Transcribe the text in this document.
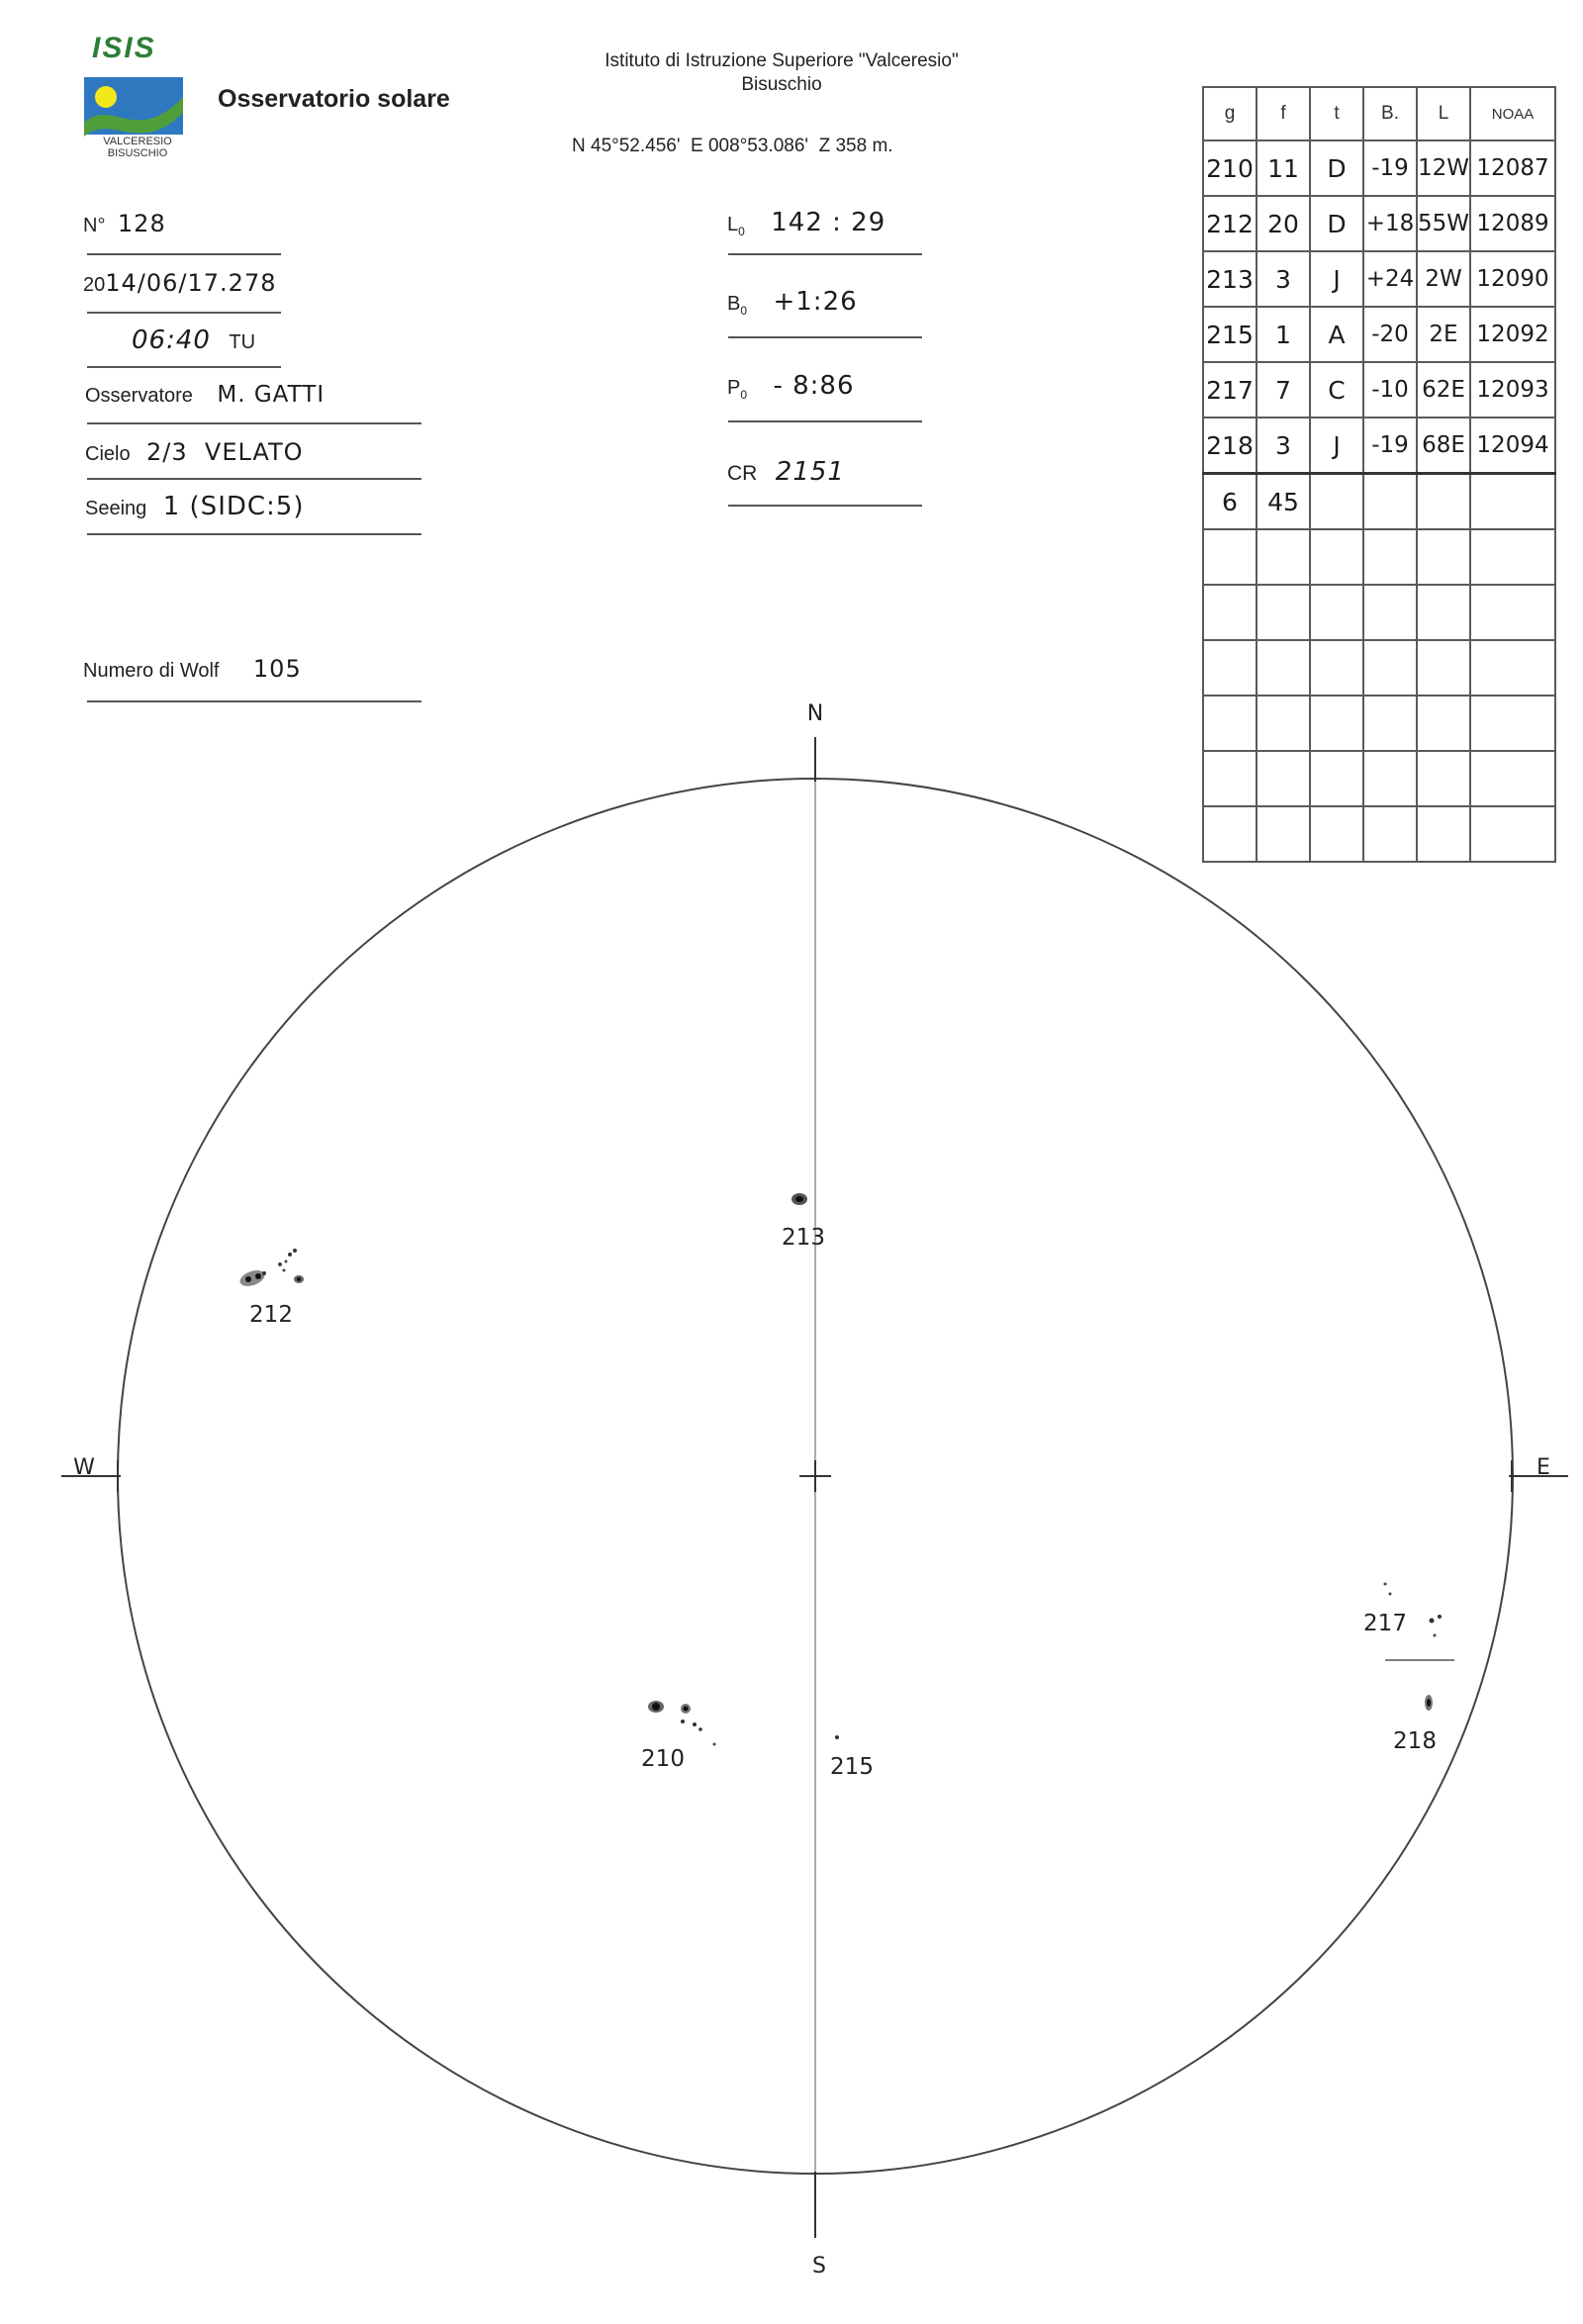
ISIS
VALCERESIO
BISUSCHIO
Osservatorio solare
Istituto di Istruzione Superiore "Valceresio"
Bisuschio
N 45°52.456'  E 008°53.086'  Z 358 m.
N° 128
2014/06/17.278
06:40 TU
Osservatore M. GATTI
Cielo 2/3  VELATO
Seeing 1 (SIDC:5)
Numero di Wolf 105
$L_0$ 142 : 29
$B_0$ +1:26
$P_0$ - 8:86
CR 2151
g	f	t	B.	L	NOAA
210	11	D	-19	12W	12087
212	20	D	+18	55W	12089
213	3	J	+24	2W	12090
215	1	A	-20	2E	12092
217	7	C	-10	62E	12093
218	3	J	-19	68E	12094
6	45				

N
S
W	E
213
212
210	215
217
218
